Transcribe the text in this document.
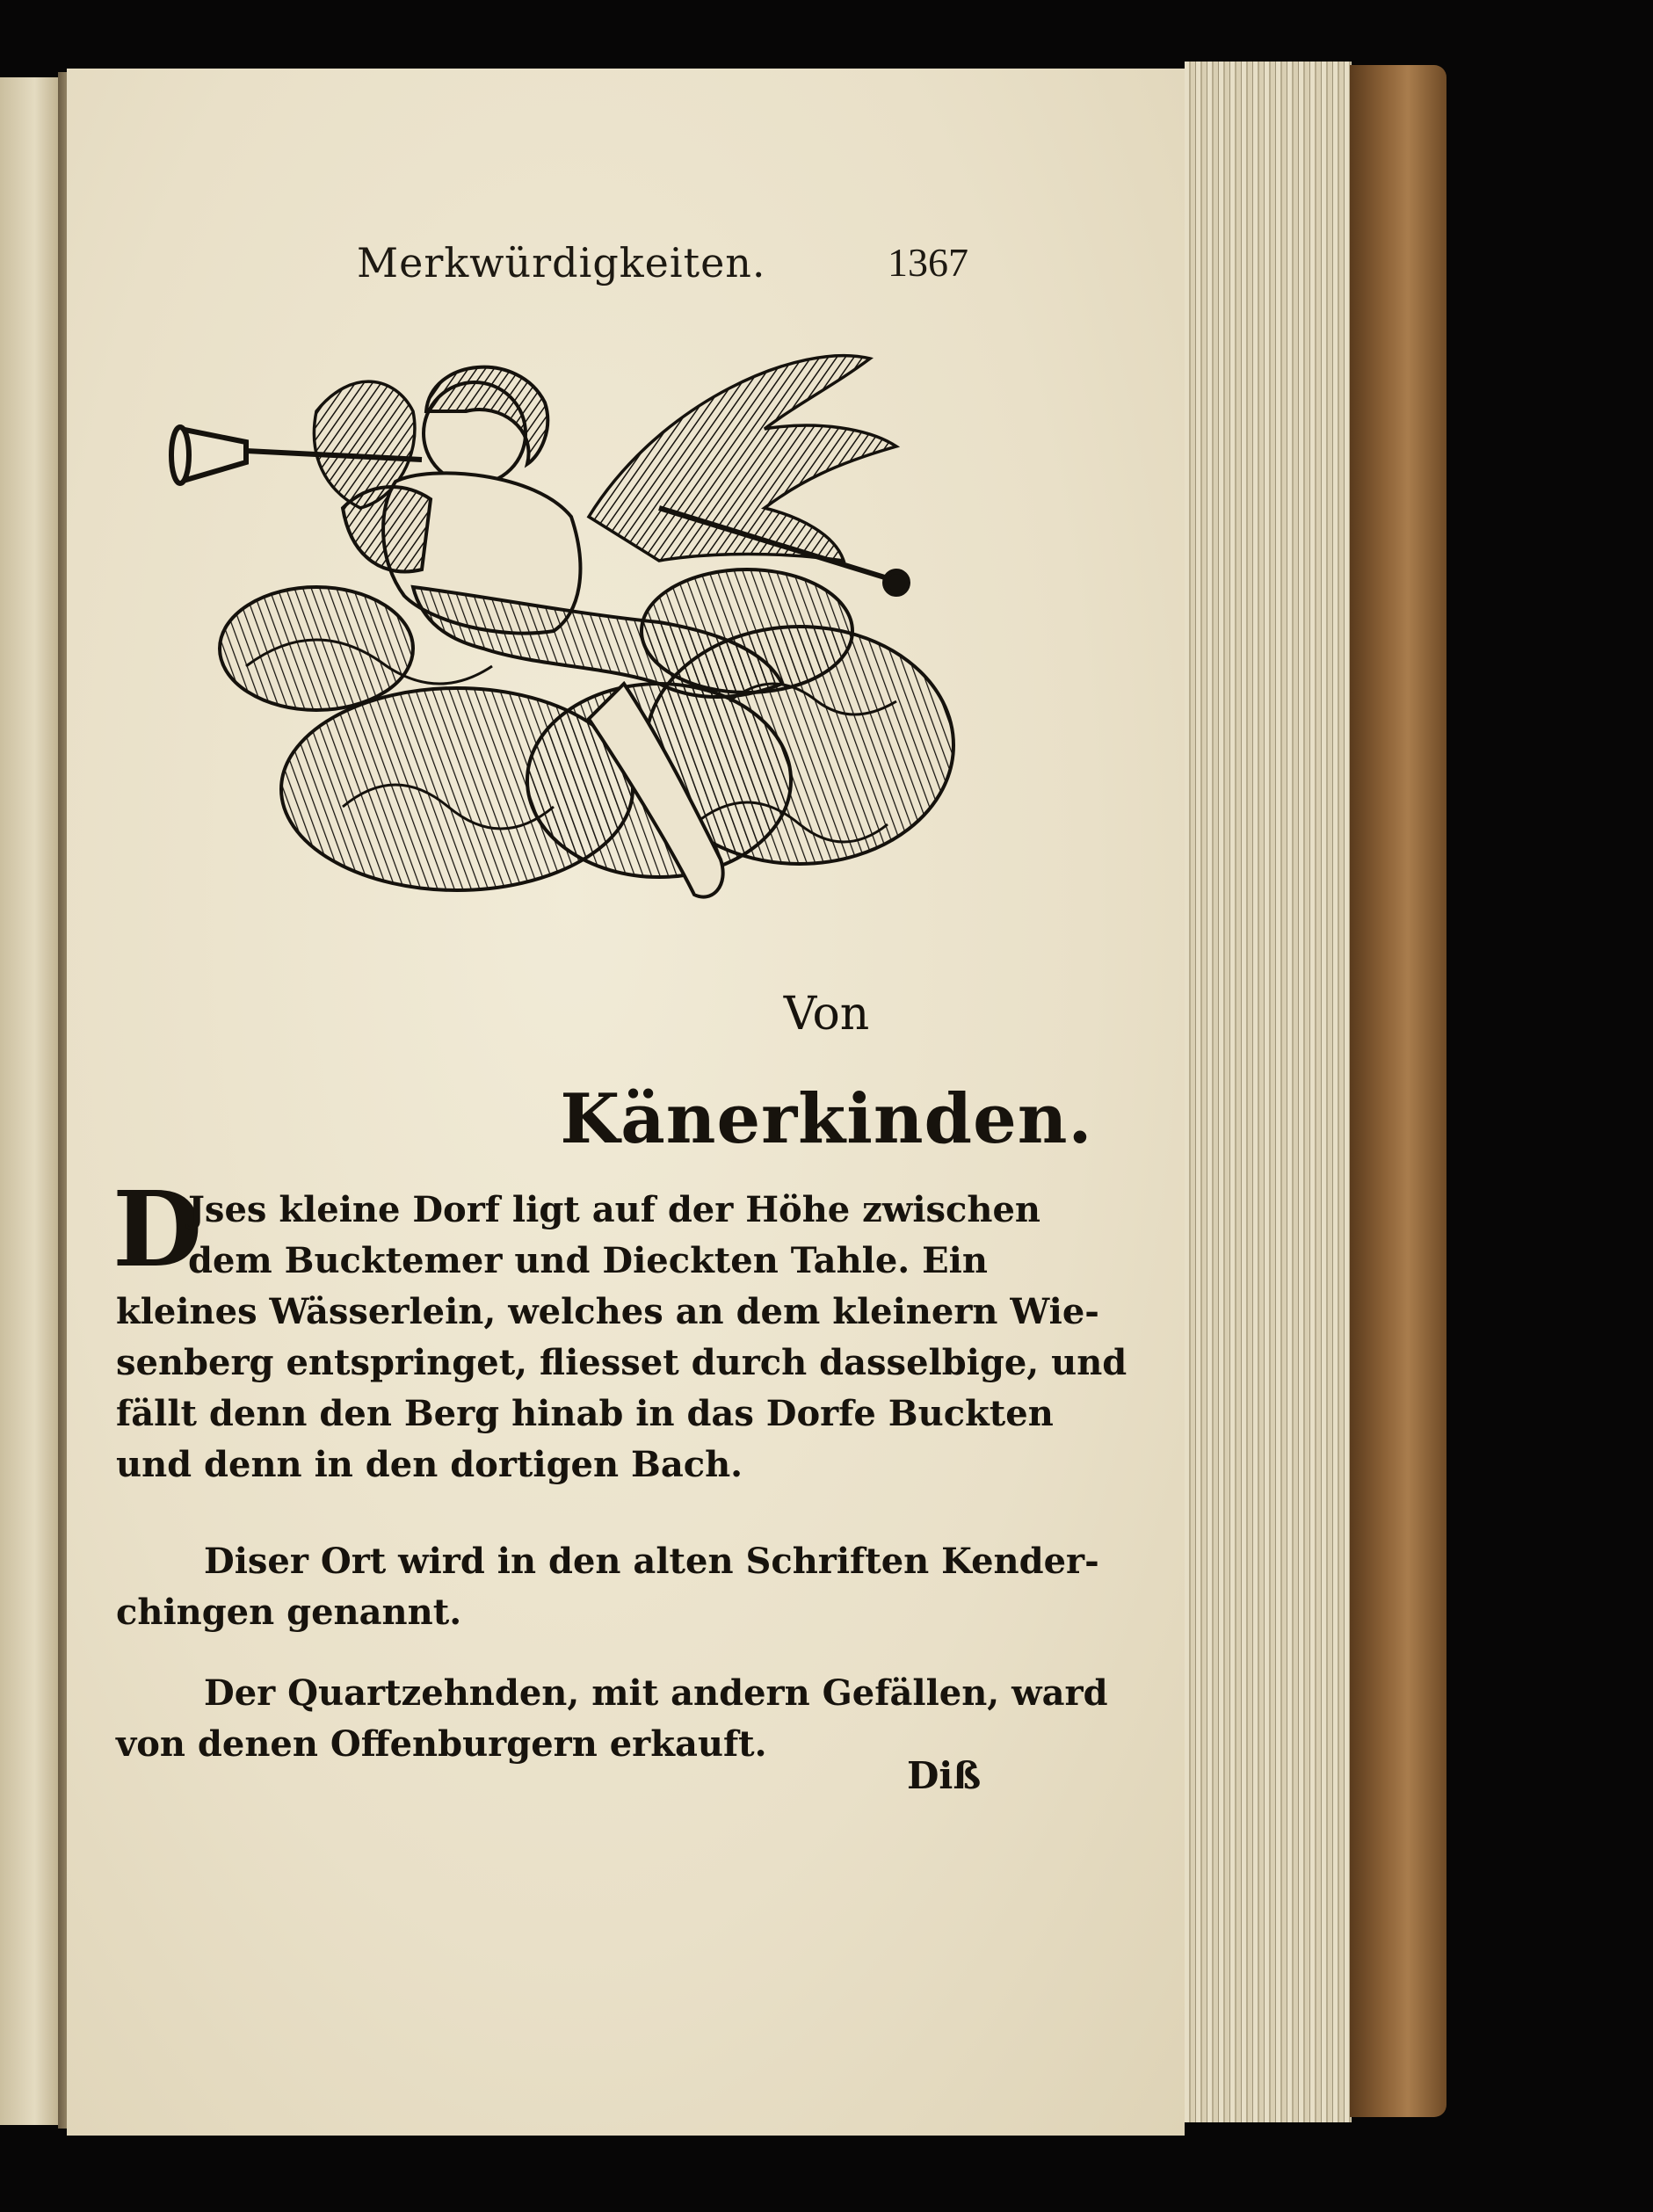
Merkwürdigkeiten.	1367
Von
Känerkinden.
D
Jses kleine Dorf ligt auf der Höhe zwischen
dem Bucktemer und Dieckten Tahle. Ein
kleines Wässerlein, welches an dem kleinern Wie-
senberg entspringet, fliesset durch dasselbige, und
fällt denn den Berg hinab in das Dorfe Buckten
und denn in den dortigen Bach.
Diser Ort wird in den alten Schriften Kender-
chingen genannt.
Der Quartzehnden, mit andern Gefällen, ward
von denen Offenburgern erkauft.
Diß
